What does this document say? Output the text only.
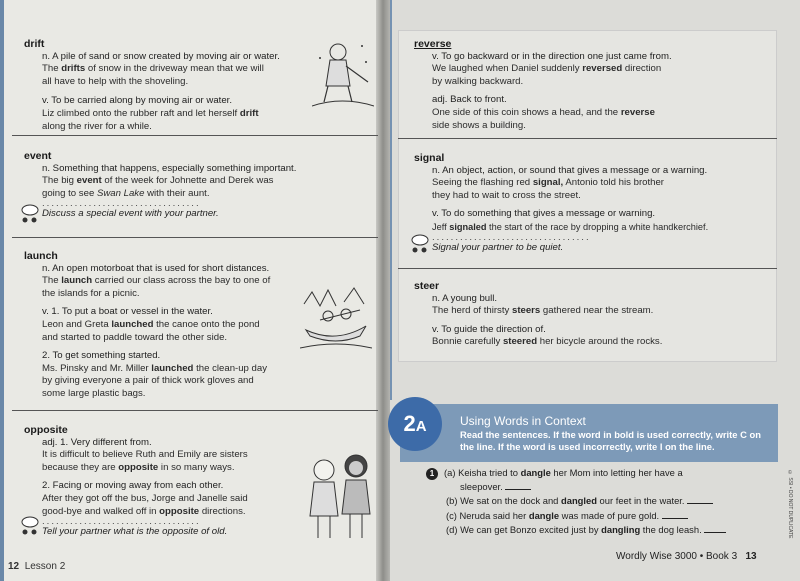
drift
n. A pile of sand or snow created by moving air or water.
The drifts of snow in the driveway mean that we will
all have to help with the shoveling.
v. To be carried along by moving air or water.
Liz climbed onto the rubber raft and let herself drift
along the river for a while.
event
n. Something that happens, especially something important.
The big event of the week for Johnette and Derek was
going to see Swan Lake with their aunt.
..................................
Discuss a special event with your partner.
launch
n. An open motorboat that is used for short distances.
The launch carried our class across the bay to one of
the islands for a picnic.
v. 1. To put a boat or vessel in the water.
Leon and Greta launched the canoe onto the pond
and started to paddle toward the other side.
2. To get something started.
Ms. Pinsky and Mr. Miller launched the clean-up day
by giving everyone a pair of thick work gloves and
some large plastic bags.
opposite
adj. 1. Very different from.
It is difficult to believe Ruth and Emily are sisters
because they are opposite in so many ways.
2. Facing or moving away from each other.
After they got off the bus, Jorge and Janelle said
good-bye and walked off in opposite directions.
..................................
Tell your partner what is the opposite of old.
12 Lesson 2
reverse
v. To go backward or in the direction one just came from.
We laughed when Daniel suddenly reversed direction
by walking backward.
adj. Back to front.
One side of this coin shows a head, and the reverse
side shows a building.
signal
n. An object, action, or sound that gives a message or a warning.
Seeing the flashing red signal, Antonio told his brother
they had to wait to cross the street.
v. To do something that gives a message or warning.
Jeff signaled the start of the race by dropping a white handkerchief.
..................................
Signal your partner to be quiet.
steer
n. A young bull.
The herd of thirsty steers gathered near the stream.
v. To guide the direction of.
Bonnie carefully steered her bicycle around the rocks.
2A	Using Words in Context
Read the sentences. If the word in bold is used correctly, write C on the line. If the word is used incorrectly, write I on the line.
1 (a) Keisha tried to dangle her Mom into letting her have a
sleepover.
(b) We sat on the dock and dangled our feet in the water.
(c) Neruda said her dangle was made of pure gold.
(d) We can get Bonzo excited just by dangling the dog leash.	© SSI • DO NOT DUPLICATE
Wordly Wise 3000 • Book 3 13
